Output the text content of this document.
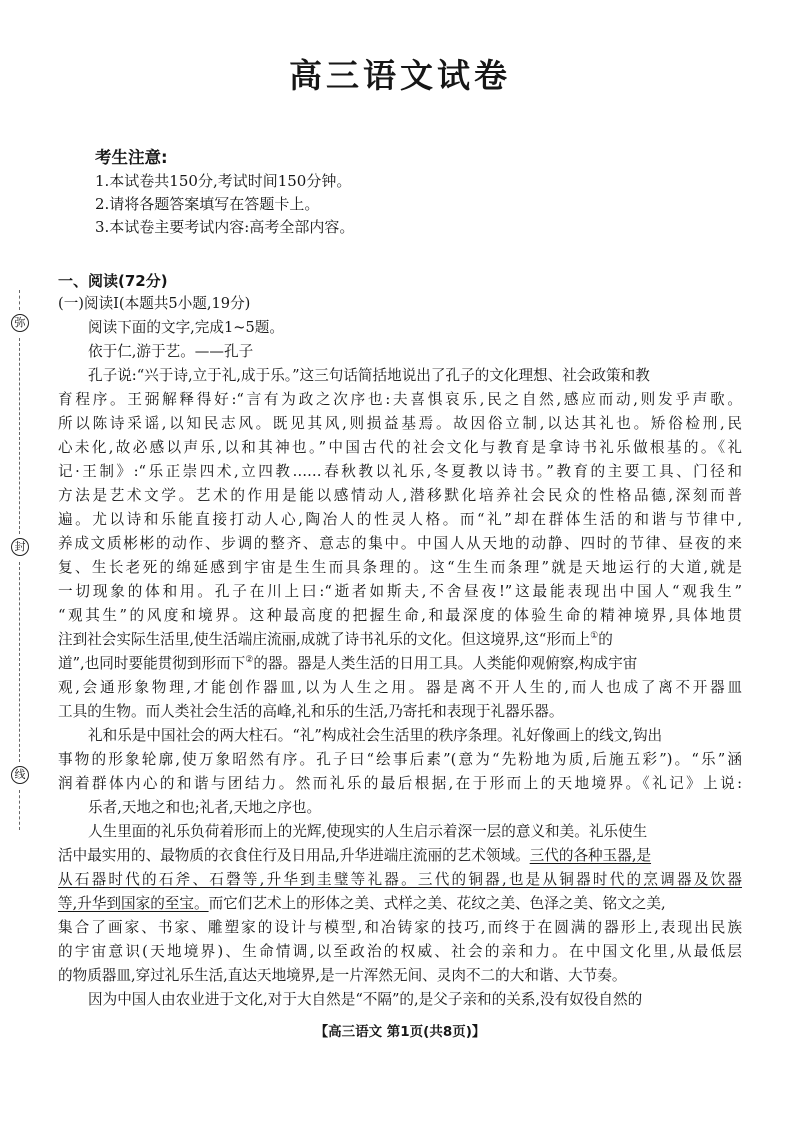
高三语文试卷
考生注意:
1.本试卷共150分,考试时间150分钟。
2.请将各题答案填写在答题卡上。
3.本试卷主要考试内容:高考全部内容。
弥
封
线
一、阅读(72分)
(一)阅读Ⅰ(本题共5小题,19分)
阅读下面的文字,完成1~5题。
依于仁,游于艺。——孔子
孔子说:“兴于诗,立于礼,成于乐。”这三句话简括地说出了孔子的文化理想、社会政策和教
育程序。王弼解释得好:“言有为政之次序也:夫喜惧哀乐,民之自然,感应而动,则发乎声歌。
所以陈诗采谣,以知民志风。既见其风,则损益基焉。故因俗立制,以达其礼也。矫俗检刑,民
心未化,故必感以声乐,以和其神也。”中国古代的社会文化与教育是拿诗书礼乐做根基的。《礼
记·王制》:“乐正崇四术,立四教……春秋教以礼乐,冬夏教以诗书。”教育的主要工具、门径和
方法是艺术文学。艺术的作用是能以感情动人,潜移默化培养社会民众的性格品德,深刻而普
遍。尤以诗和乐能直接打动人心,陶冶人的性灵人格。而“礼”却在群体生活的和谐与节律中,
养成文质彬彬的动作、步调的整齐、意志的集中。中国人从天地的动静、四时的节律、昼夜的来
复、生长老死的绵延感到宇宙是生生而具条理的。这“生生而条理”就是天地运行的大道,就是
一切现象的体和用。孔子在川上曰:“逝者如斯夫,不舍昼夜!”这最能表现出中国人“观我生”
“观其生”的风度和境界。这种最高度的把握生命,和最深度的体验生命的精神境界,具体地贯
注到社会实际生活里,使生活端庄流丽,成就了诗书礼乐的文化。但这境界,这“形而上①的
道”,也同时要能贯彻到形而下②的器。器是人类生活的日用工具。人类能仰观俯察,构成宇宙
观,会通形象物理,才能创作器皿,以为人生之用。器是离不开人生的,而人也成了离不开器皿
工具的生物。而人类社会生活的高峰,礼和乐的生活,乃寄托和表现于礼器乐器。
礼和乐是中国社会的两大柱石。“礼”构成社会生活里的秩序条理。礼好像画上的线文,钩出
事物的形象轮廓,使万象昭然有序。孔子曰“绘事后素”(意为“先粉地为质,后施五彩”)。“乐”涵
润着群体内心的和谐与团结力。然而礼乐的最后根据,在于形而上的天地境界。《礼记》上说:
乐者,天地之和也;礼者,天地之序也。
人生里面的礼乐负荷着形而上的光辉,使现实的人生启示着深一层的意义和美。礼乐使生
活中最实用的、最物质的衣食住行及日用品,升华进端庄流丽的艺术领域。三代的各种玉器,是
从石器时代的石斧、石磬等,升华到圭璧等礼器。三代的铜器,也是从铜器时代的烹调器及饮器
等,升华到国家的至宝。而它们艺术上的形体之美、式样之美、花纹之美、色泽之美、铭文之美,
集合了画家、书家、雕塑家的设计与模型,和冶铸家的技巧,而终于在圆满的器形上,表现出民族
的宇宙意识(天地境界)、生命情调,以至政治的权威、社会的亲和力。在中国文化里,从最低层
的物质器皿,穿过礼乐生活,直达天地境界,是一片浑然无间、灵肉不二的大和谐、大节奏。
因为中国人由农业进于文化,对于大自然是“不隔”的,是父子亲和的关系,没有奴役自然的
【高三语文 第1页(共8页)】
